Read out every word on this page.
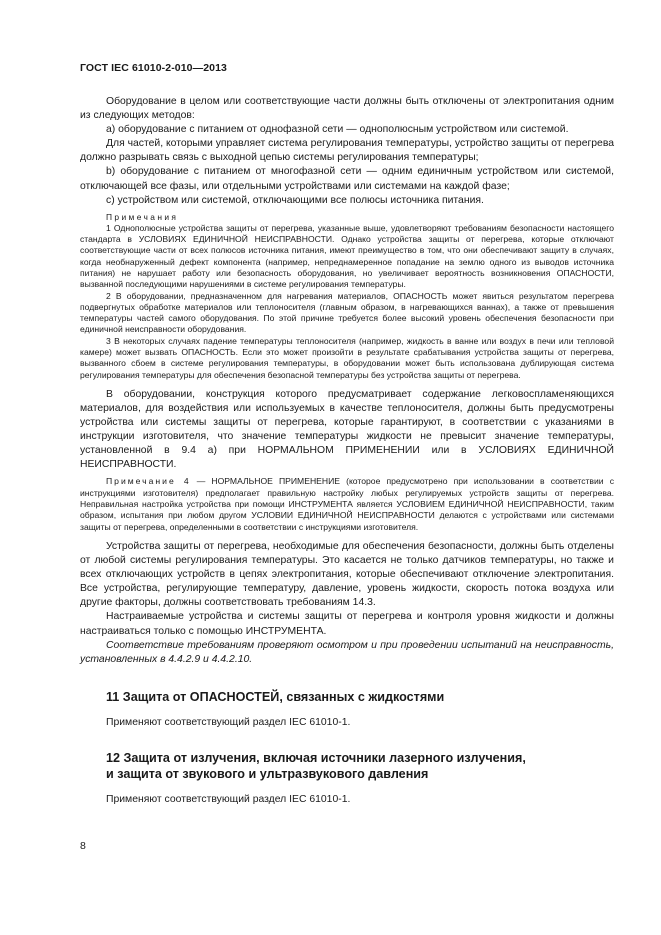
ГОСТ IEC 61010-2-010—2013

Оборудование в целом или соответствующие части должны быть отключены от электропитания одним из следующих методов:

а) оборудование с питанием от однофазной сети — однополюсным устройством или системой.

Для частей, которыми управляет система регулирования температуры, устройство защиты от перегрева должно разрывать связь с выходной цепью системы регулирования температуры;

b) оборудование с питанием от многофазной сети — одним единичным устройством или системой, отключающей все фазы, или отдельными устройствами или системами на каждой фазе;

с) устройством или системой, отключающими все полюсы источника питания.

Примечания

1 Однополюсные устройства защиты от перегрева, указанные выше, удовлетворяют требованиям безопасности настоящего стандарта в УСЛОВИЯХ ЕДИНИЧНОЙ НЕИСПРАВНОСТИ. Однако устройства защиты от перегрева, которые отключают соответствующие части от всех полюсов источника питания, имеют преимущество в том, что они обеспечивают защиту в случаях, когда необнаруженный дефект компонента (например, непреднамеренное попадание на землю одного из выводов источника питания) не нарушает работу или безопасность оборудования, но увеличивает вероятность возникновения ОПАСНОСТИ, вызванной последующими нарушениями в системе регулирования температуры.

2 В оборудовании, предназначенном для нагревания материалов, ОПАСНОСТЬ может явиться результатом перегрева подвергнутых обработке материалов или теплоносителя (главным образом, в нагревающихся ваннах), а также от превышения температуры частей самого оборудования. По этой причине требуется более высокий уровень обеспечения безопасности при единичной неисправности оборудования.

3 В некоторых случаях падение температуры теплоносителя (например, жидкость в ванне или воздух в печи или тепловой камере) может вызвать ОПАСНОСТЬ. Если это может произойти в результате срабатывания устройства защиты от перегрева, вызванного сбоем в системе регулирования температуры, в оборудовании может быть использована дублирующая система регулирования температуры для обеспечения безопасной температуры без устройства защиты от перегрева.

В оборудовании, конструкция которого предусматривает содержание легковоспламеняющихся материалов, для воздействия или используемых в качестве теплоносителя, должны быть предусмотрены устройства или системы защиты от перегрева, которые гарантируют, в соответствии с указаниями в инструкции изготовителя, что значение температуры жидкости не превысит значение температуры, установленной в 9.4 а) при НОРМАЛЬНОМ ПРИМЕНЕНИИ или в УСЛОВИЯХ ЕДИНИЧНОЙ НЕИСПРАВНОСТИ.

Примечание 4 — НОРМАЛЬНОЕ ПРИМЕНЕНИЕ (которое предусмотрено при использовании в соответствии с инструкциями изготовителя) предполагает правильную настройку любых регулируемых устройств защиты от перегрева. Неправильная настройка устройства при помощи ИНСТРУМЕНТА является УСЛОВИЕМ ЕДИНИЧНОЙ НЕИСПРАВНОСТИ, таким образом, испытания при любом другом УСЛОВИИ ЕДИНИЧНОЙ НЕИСПРАВНОСТИ делаются с устройствами или системами защиты от перегрева, определенными в соответствии с инструкциями изготовителя.

Устройства защиты от перегрева, необходимые для обеспечения безопасности, должны быть отделены от любой системы регулирования температуры. Это касается не только датчиков температуры, но также и всех отключающих устройств в цепях электропитания, которые обеспечивают отключение электропитания. Все устройства, регулирующие температуру, давление, уровень жидкости, скорость потока воздуха или другие факторы, должны соответствовать требованиям 14.3.

Настраиваемые устройства и системы защиты от перегрева и контроля уровня жидкости и должны настраиваться только с помощью ИНСТРУМЕНТА.

Соответствие требованиям проверяют осмотром и при проведении испытаний на неисправность, установленных в 4.4.2.9 и 4.4.2.10.

11 Защита от ОПАСНОСТЕЙ, связанных с жидкостями

Применяют соответствующий раздел IEC 61010-1.

12 Защита от излучения, включая источники лазерного излучения,
и защита от звукового и ультразвукового давления

Применяют соответствующий раздел IEC 61010-1.

8
